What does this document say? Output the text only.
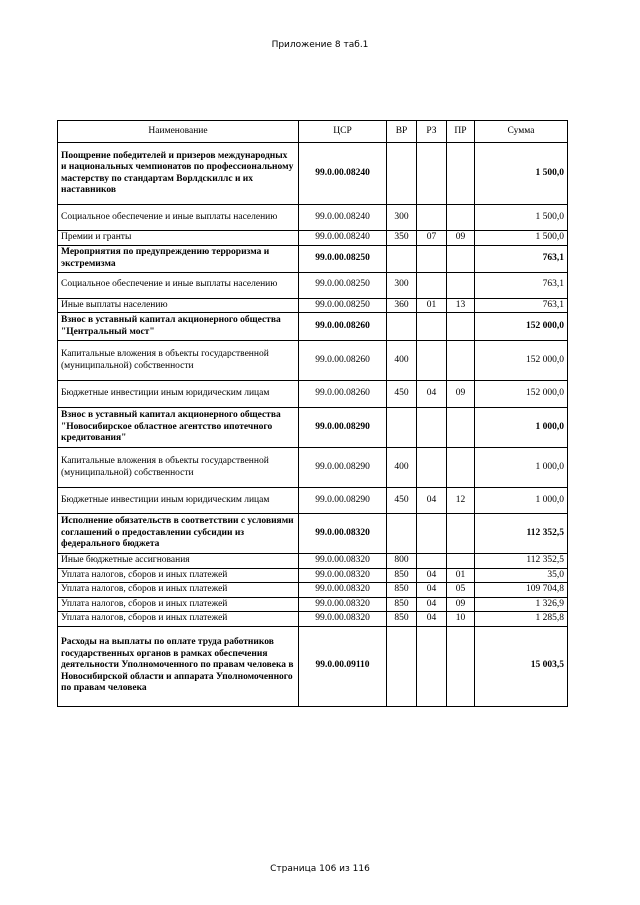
Приложение 8 таб.1
Наименование	ЦСР	ВР	РЗ	ПР	Сумма
Поощрение победителей и призеров международных и национальных чемпионатов по профессиональному мастерству по стандартам Ворлдскиллс и их наставников	99.0.00.08240				1 500,0
Социальное обеспечение и иные выплаты населению	99.0.00.08240	300			1 500,0
Премии и гранты	99.0.00.08240	350	07	09	1 500,0
Мероприятия по предупреждению терроризма и экстремизма	99.0.00.08250				763,1
Социальное обеспечение и иные выплаты населению	99.0.00.08250	300			763,1
Иные выплаты населению	99.0.00.08250	360	01	13	763,1
Взнос в уставный капитал акционерного общества "Центральный мост"	99.0.00.08260				152 000,0
Капитальные вложения в объекты государственной (муниципальной) собственности	99.0.00.08260	400			152 000,0
Бюджетные инвестиции иным юридическим лицам	99.0.00.08260	450	04	09	152 000,0
Взнос в уставный капитал акционерного общества "Новосибирское областное агентство ипотечного кредитования"	99.0.00.08290				1 000,0
Капитальные вложения в объекты государственной (муниципальной) собственности	99.0.00.08290	400			1 000,0
Бюджетные инвестиции иным юридическим лицам	99.0.00.08290	450	04	12	1 000,0
Исполнение обязательств в соответствии с условиями соглашений о предоставлении субсидии из федерального бюджета	99.0.00.08320				112 352,5
Иные бюджетные ассигнования	99.0.00.08320	800			112 352,5
Уплата налогов, сборов и иных платежей	99.0.00.08320	850	04	01	35,0
Уплата налогов, сборов и иных платежей	99.0.00.08320	850	04	05	109 704,8
Уплата налогов, сборов и иных платежей	99.0.00.08320	850	04	09	1 326,9
Уплата налогов, сборов и иных платежей	99.0.00.08320	850	04	10	1 285,8
Расходы на выплаты по оплате труда работников государственных органов в рамках обеспечения деятельности Уполномоченного по правам человека в Новосибирской области и аппарата Уполномоченного по правам человека	99.0.00.09110				15 003,5
Страница 106 из 116
